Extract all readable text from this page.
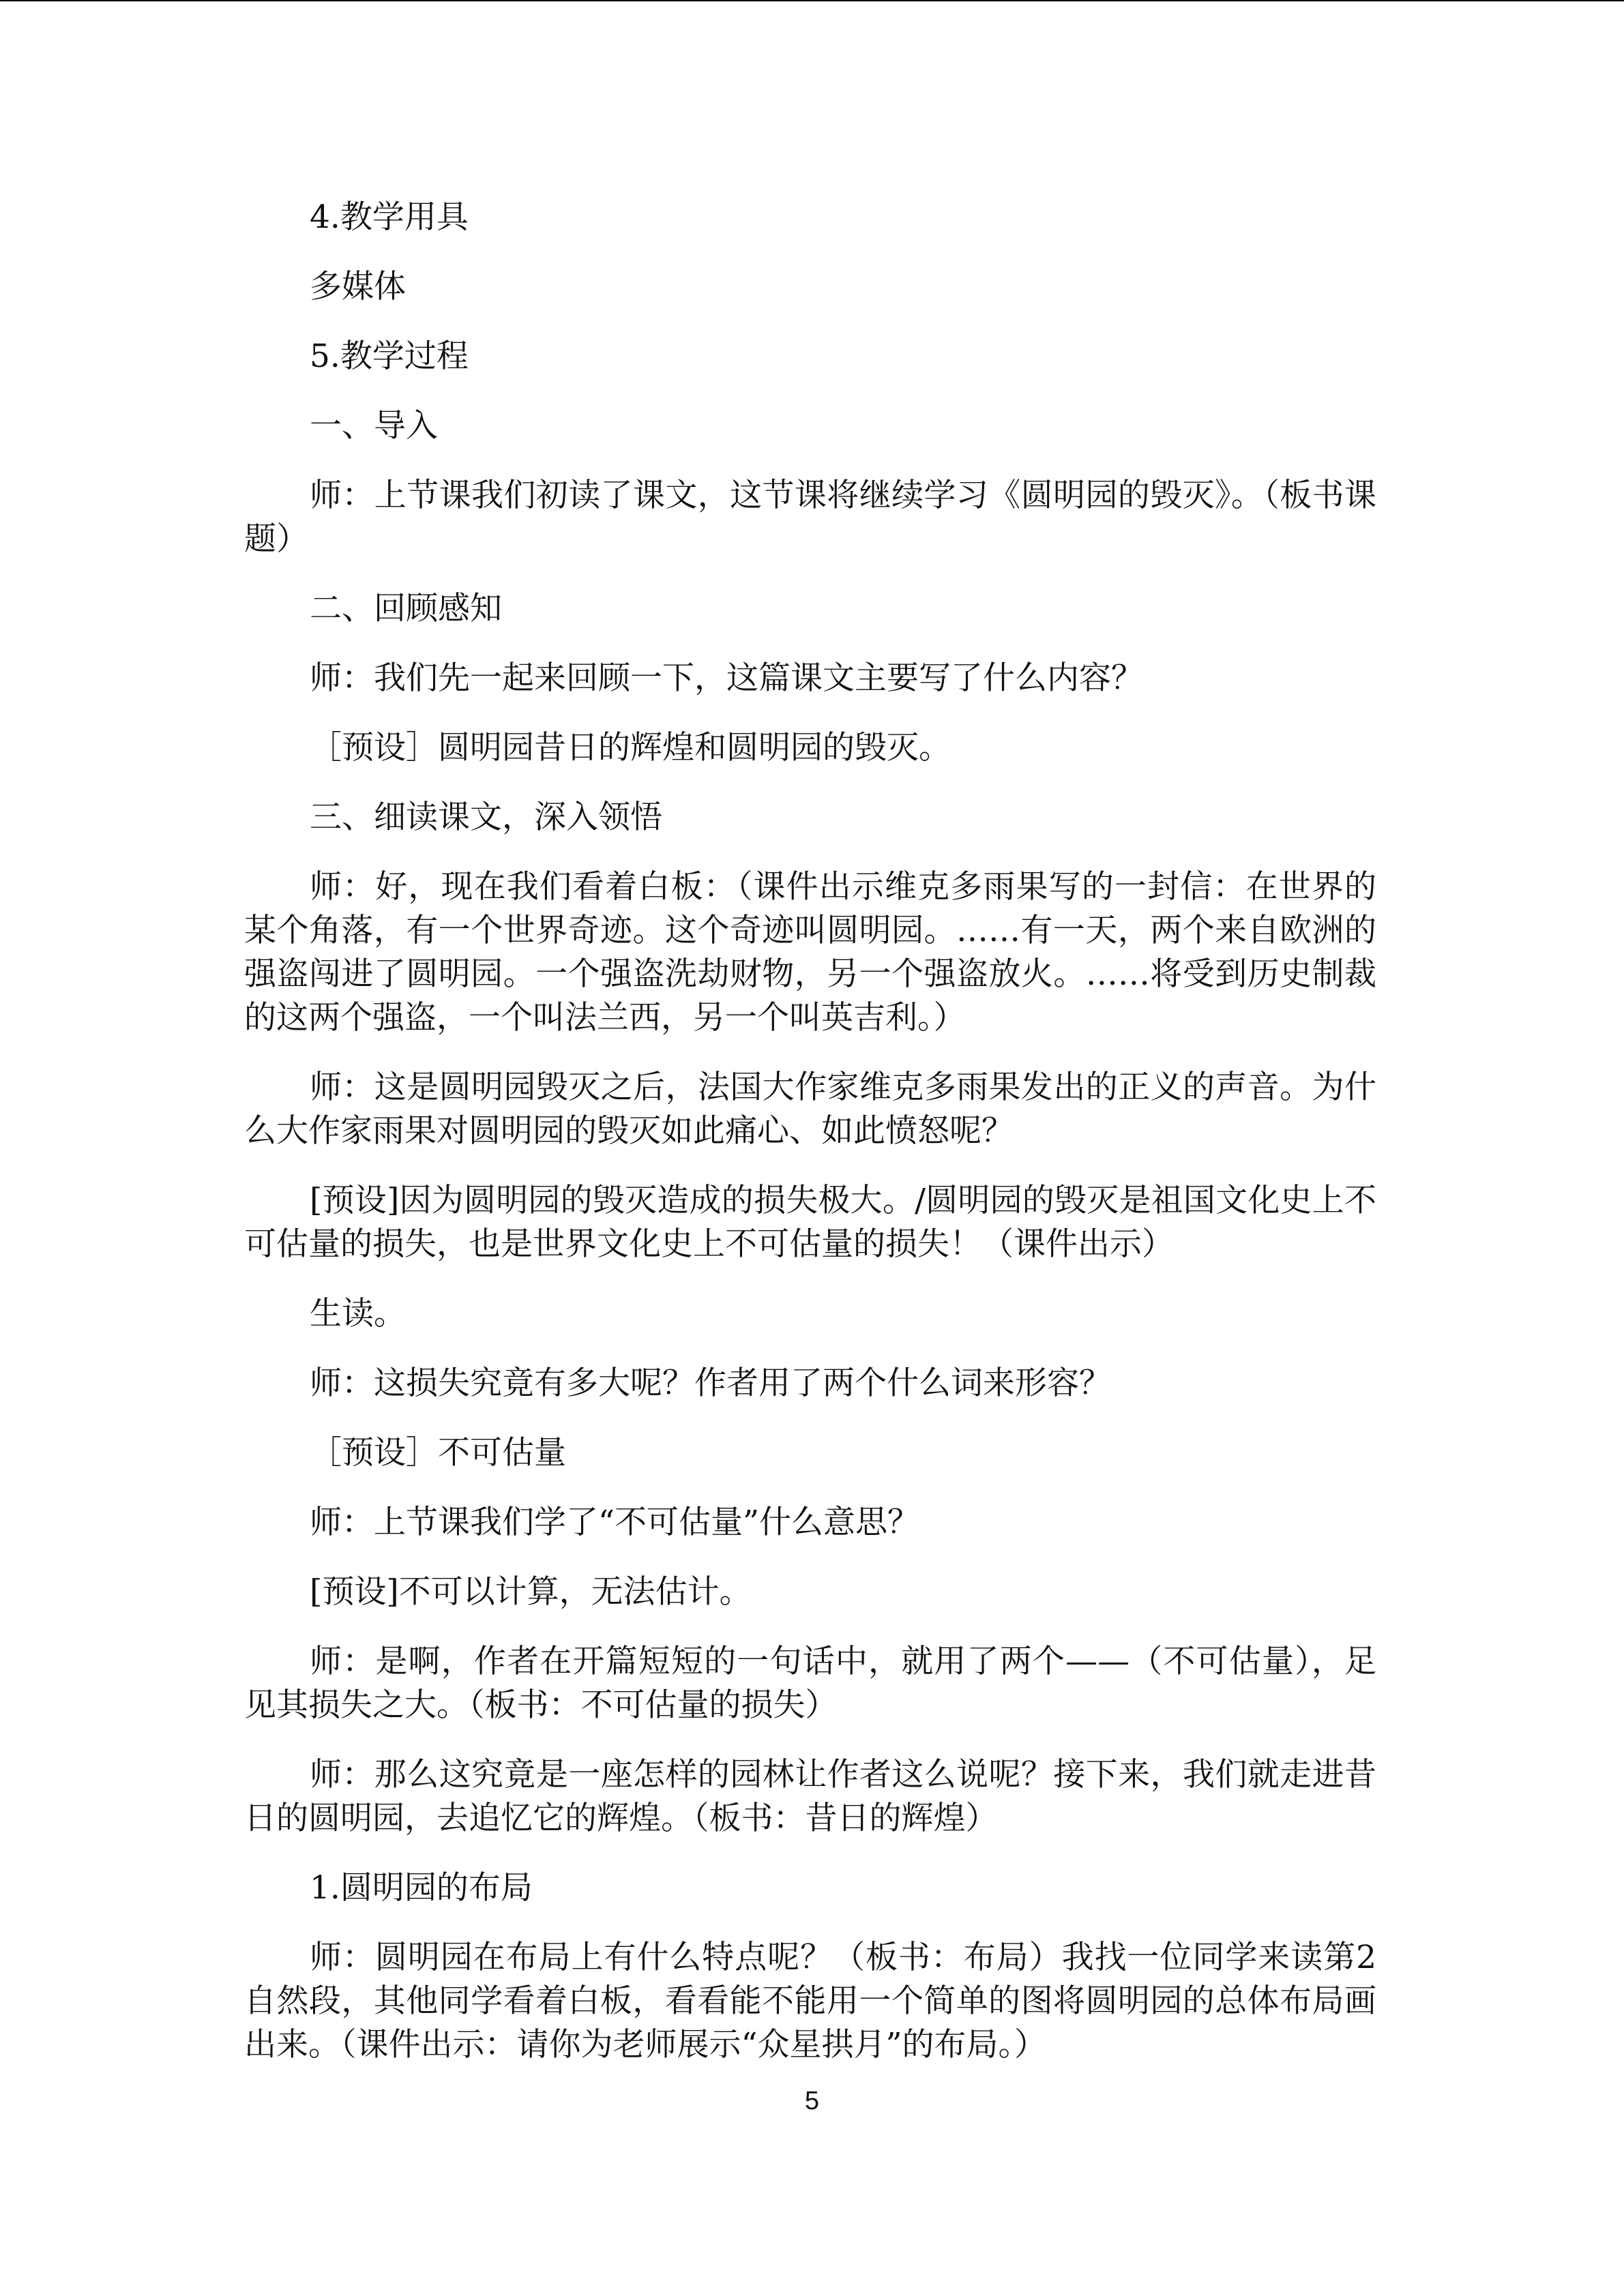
4.教学用具

多媒体

5.教学过程

一、导入

师：上节课我们初读了课文，这节课将继续学习《圆明园的毁灭》。（板书课题）

二、回顾感知

师：我们先一起来回顾一下，这篇课文主要写了什么内容？

［预设］圆明园昔日的辉煌和圆明园的毁灭。

三、细读课文，深入领悟

师：好，现在我们看着白板：（课件出示维克多雨果写的一封信：在世界的某个角落，有一个世界奇迹。这个奇迹叫圆明园。……有一天，两个来自欧洲的强盗闯进了圆明园。一个强盗洗劫财物，另一个强盗放火。……将受到历史制裁的这两个强盗，一个叫法兰西，另一个叫英吉利。）

师：这是圆明园毁灭之后，法国大作家维克多雨果发出的正义的声音。为什么大作家雨果对圆明园的毁灭如此痛心、如此愤怒呢？

[预设]因为圆明园的毁灭造成的损失极大。/圆明园的毁灭是祖国文化史上不可估量的损失，也是世界文化史上不可估量的损失！（课件出示）

生读。

师：这损失究竟有多大呢？作者用了两个什么词来形容？

［预设］不可估量

师：上节课我们学了“不可估量”什么意思？

[预设]不可以计算，无法估计。

师：是啊，作者在开篇短短的一句话中，就用了两个——（不可估量），足见其损失之大。（板书：不可估量的损失）

师：那么这究竟是一座怎样的园林让作者这么说呢？接下来，我们就走进昔日的圆明园，去追忆它的辉煌。（板书：昔日的辉煌）

1.圆明园的布局

师：圆明园在布局上有什么特点呢？（板书：布局）我找一位同学来读第2自然段，其他同学看着白板，看看能不能用一个简单的图将圆明园的总体布局画出来。（课件出示：请你为老师展示“众星拱月”的布局。）

5
